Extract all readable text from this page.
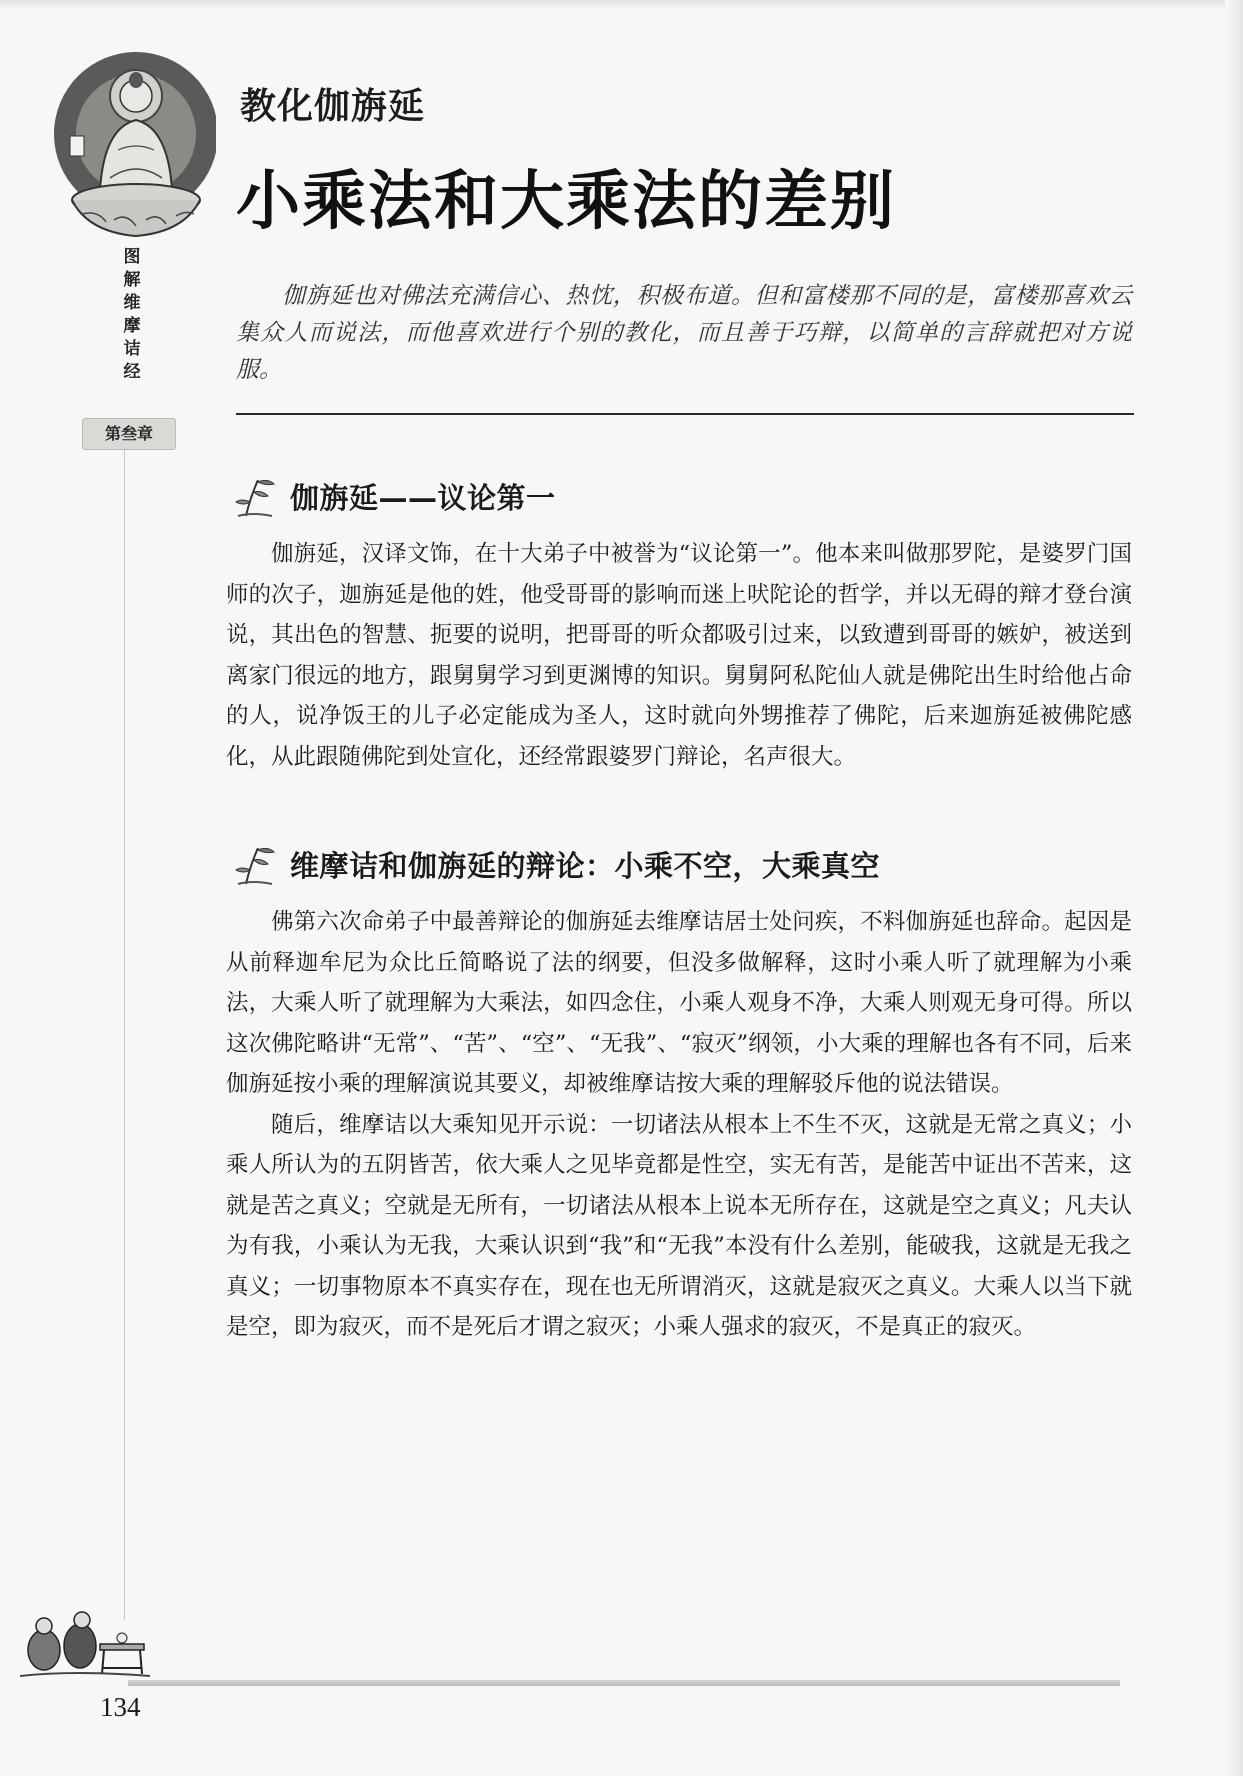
图解维摩诘经
第叁章
教化伽旃延
小乘法和大乘法的差别
伽旃延也对佛法充满信心、热忱，积极布道。但和富楼那不同的是，富楼那喜欢云集众人而说法，而他喜欢进行个别的教化，而且善于巧辩，以简单的言辞就把对方说服。
伽旃延——议论第一

伽旃延，汉译文饰，在十大弟子中被誉为“议论第一”。他本来叫做那罗陀，是婆罗门国师的次子，迦旃延是他的姓，他受哥哥的影响而迷上吠陀论的哲学，并以无碍的辩才登台演说，其出色的智慧、扼要的说明，把哥哥的听众都吸引过来，以致遭到哥哥的嫉妒，被送到离家门很远的地方，跟舅舅学习到更渊博的知识。舅舅阿私陀仙人就是佛陀出生时给他占命的人，说净饭王的儿子必定能成为圣人，这时就向外甥推荐了佛陀，后来迦旃延被佛陀感化，从此跟随佛陀到处宣化，还经常跟婆罗门辩论，名声很大。

维摩诘和伽旃延的辩论：小乘不空，大乘真空

佛第六次命弟子中最善辩论的伽旃延去维摩诘居士处问疾，不料伽旃延也辞命。起因是从前释迦牟尼为众比丘简略说了法的纲要，但没多做解释，这时小乘人听了就理解为小乘法，大乘人听了就理解为大乘法，如四念住，小乘人观身不净，大乘人则观无身可得。所以这次佛陀略讲“无常”、“苦”、“空”、“无我”、“寂灭”纲领，小大乘的理解也各有不同，后来伽旃延按小乘的理解演说其要义，却被维摩诘按大乘的理解驳斥他的说法错误。

随后，维摩诘以大乘知见开示说：一切诸法从根本上不生不灭，这就是无常之真义；小乘人所认为的五阴皆苦，依大乘人之见毕竟都是性空，实无有苦，是能苦中证出不苦来，这就是苦之真义；空就是无所有，一切诸法从根本上说本无所存在，这就是空之真义；凡夫认为有我，小乘认为无我，大乘认识到“我”和“无我”本没有什么差别，能破我，这就是无我之真义；一切事物原本不真实存在，现在也无所谓消灭，这就是寂灭之真义。大乘人以当下就是空，即为寂灭，而不是死后才谓之寂灭；小乘人强求的寂灭，不是真正的寂灭。

134
